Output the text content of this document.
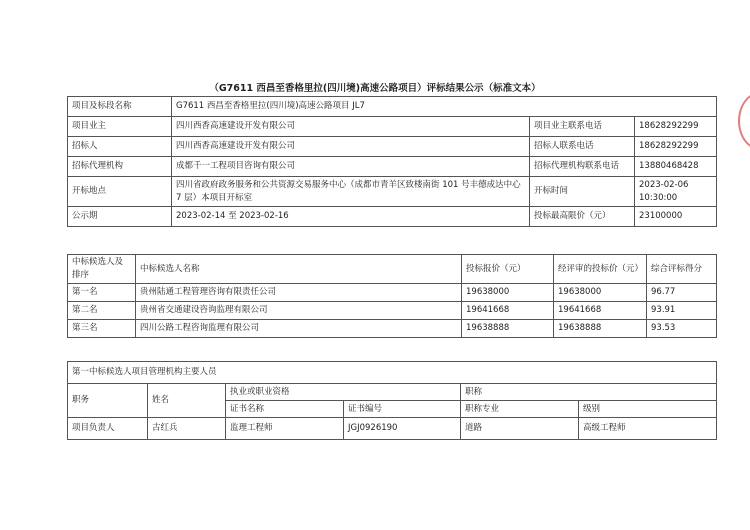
（G7611 西昌至香格里拉(四川境)高速公路项目）评标结果公示（标准文本）
项目及标段名称	G7611 西昌至香格里拉(四川境)高速公路项目 JL7		
项目业主	四川西香高速建设开发有限公司	项目业主联系电话	18628292299
招标人	四川西香高速建设开发有限公司	招标人联系电话	18628292299
招标代理机构	成都千一工程项目咨询有限公司	招标代理机构联系电话	13880468428
开标地点	四川省政府政务服务和公共资源交易服务中心（成都市青羊区致楼南街 101 号丰德成达中心 7 层）本项目开标室	开标时间	2023-02-06
10:30:00

公示期	2023-02-14 至 2023-02-16	投标最高限价（元）	23100000
中标候选人及排序	中标候选人名称	投标报价（元）	经评审的投标价（元）	综合评标得分
第一名	贵州陆通工程管理咨询有限责任公司	19638000	19638000	96.77
第二名	贵州省交通建设咨询监理有限公司	19641668	19641668	93.91
第三名	四川公路工程咨询监理有限公司	19638888	19638888	93.53
第一中标候选人项目管理机构主要人员					
职务	姓名	执业或职业资格		职称	
		证书名称	证书编号	职称专业	级别
项目负责人	古红兵	监理工程师	JGJ0926190	道路	高级工程师
